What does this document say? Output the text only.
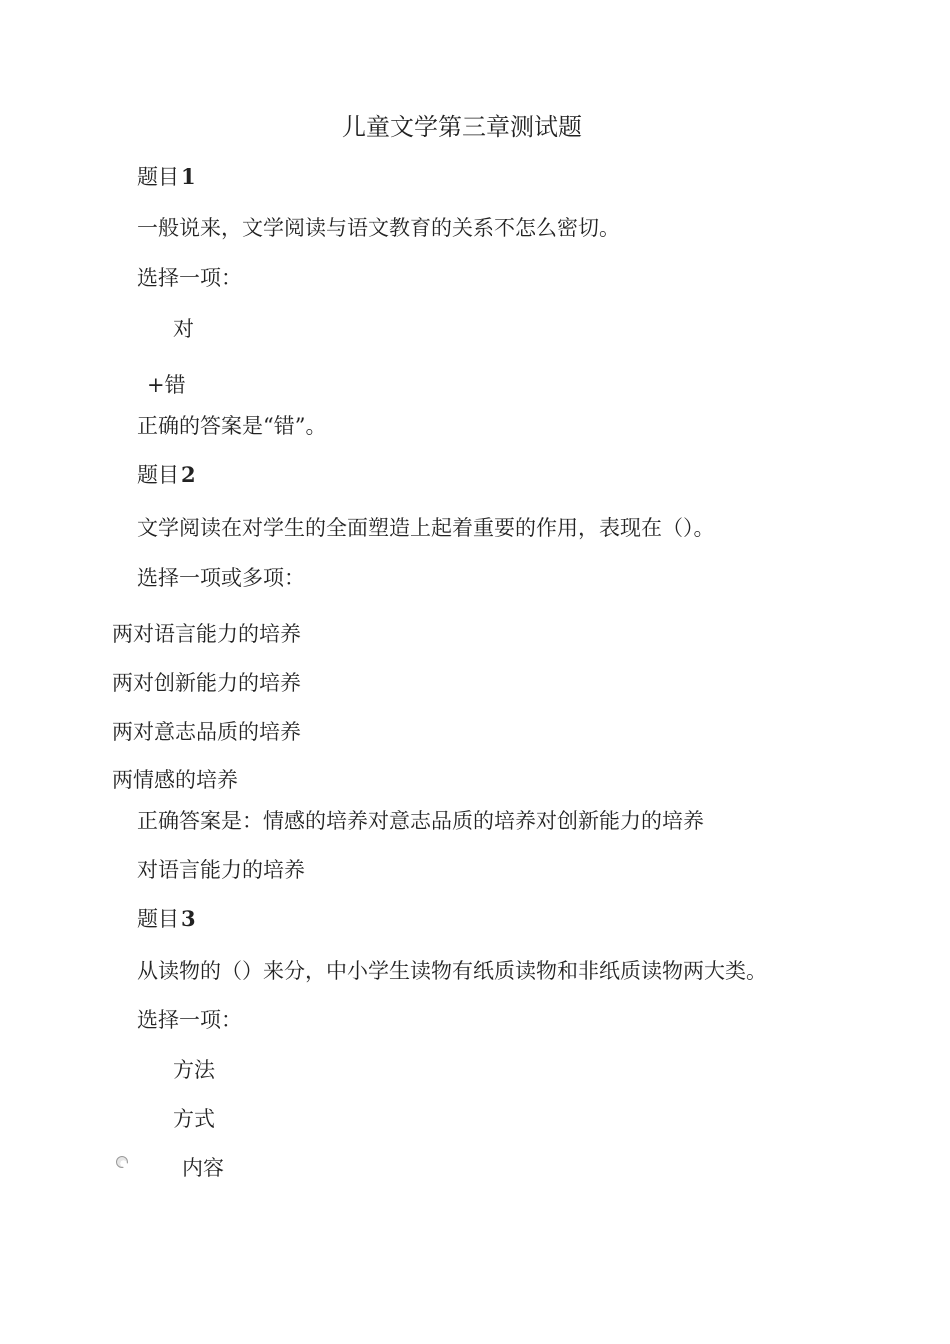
儿童文学第三章测试题
题目1
一般说来，文学阅读与语文教育的关系不怎么密切。
选择一项：
对
+错
正确的答案是“错”。
题目2
文学阅读在对学生的全面塑造上起着重要的作用，表现在（）。
选择一项或多项：
两对语言能力的培养
两对创新能力的培养
两对意志品质的培养
两情感的培养
正确答案是：情感的培养对意志品质的培养对创新能力的培养
对语言能力的培养
题目3
从读物的（）来分，中小学生读物有纸质读物和非纸质读物两大类。
选择一项：
方法
方式
内容
